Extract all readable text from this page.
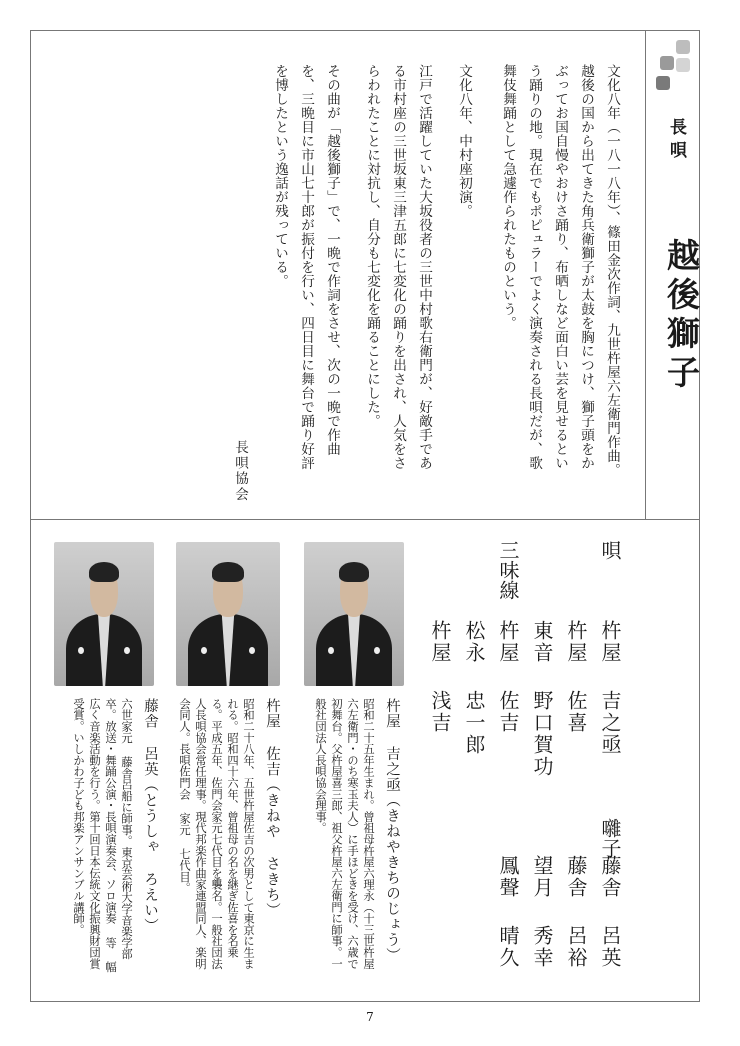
長唄
越後獅子
文化八年（一八一八年）、篠田金次作詞、九世杵屋六左衛門作曲。
越後の国から出てきた角兵衛獅子が太鼓を胸につけ、獅子頭をか
ぶってお国自慢やおけさ踊り、布晒しなど面白い芸を見せるとい
う踊りの地。現在でもポピュラーでよく演奏される長唄だが、歌
舞伎舞踊として急遽作られたものという。
文化八年、中村座初演。
江戸で活躍していた大坂役者の三世中村歌右衛門が、好敵手であ
る市村座の三世坂東三津五郎に七変化の踊りを出され、人気をさ
らわれたことに対抗し、自分も七変化を踊ることにした。
その曲が「越後獅子」で、一晩で作詞をさせ、次の一晩で作曲
を、三晩目に市山七十郎が振付を行い、四日目に舞台で踊り好評
を博したという逸話が残っている。
長唄協会
唄
杵屋 吉之亟
杵屋 佐喜
東音 野口賀功
杵屋 佐吉
松永 忠一郎
三味線
杵屋 浅吉
囃子
藤舎 呂英
藤舎 呂裕
望月 秀幸
鳳聲 晴久
杵屋 吉之亟（きねやきちのじょう）
昭和二十五年生まれ。曾祖母杵屋六理永（十三世杵屋
六左衛門・のち寒玉夫人）に手ほどきを受け、六歳で
初舞台。父杵屋喜三郎、祖父杵屋六左衛門に師事。一
般社団法人長唄協会理事。
杵屋 佐吉（きねや さきち）
昭和二十八年、五世杵屋佐吉の次男として東京に生ま
れる。昭和四十六年、曾祖母の名を継ぎ佐喜を名乗
る。平成五年、佐門会家元七代目を襲名。一般社団法
人長唄協会常任理事。現代邦楽作曲家連盟同人、楽明
会同人。長唄佐門会 家元 七代目。
藤舎 呂英（とうしゃ ろえい）
六世家元 藤舎呂船に師事。東京芸術大学音楽学部
卒。放送・舞踊公演・長唄演奏会、ソロ演奏 等 幅
広く音楽活動を行う。第十回日本伝統文化振興財団賞
受賞。いしかわ子ども邦楽アンサンブル講師。
7
